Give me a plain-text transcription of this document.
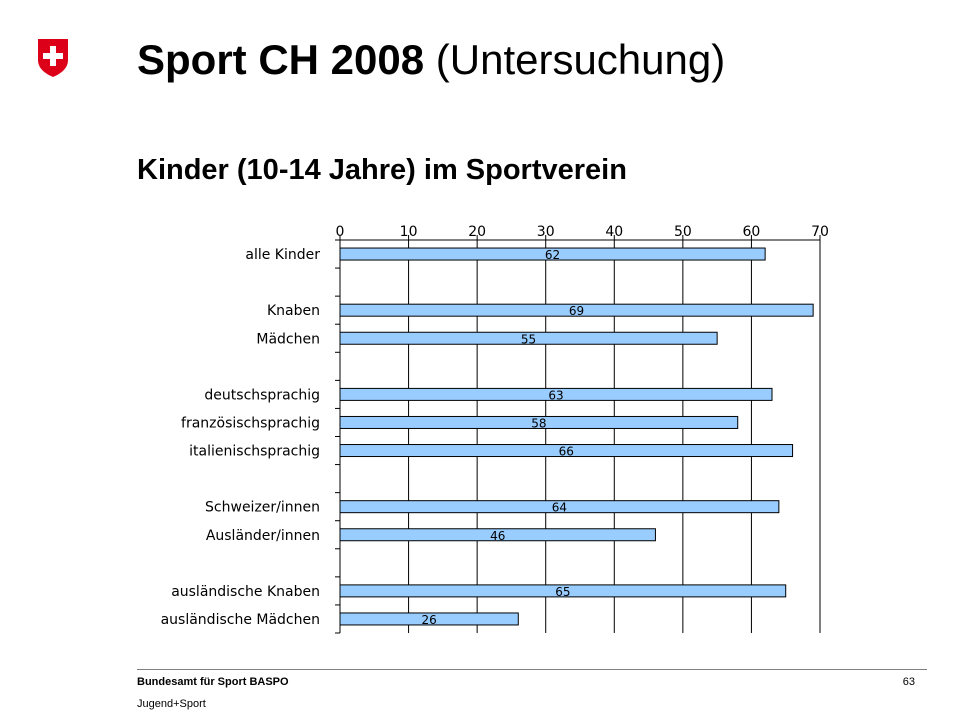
Sport CH 2008 (Untersuchung)
Kinder (10-14 Jahre) im Sportverein
0	10	20	30	40	50	60	70
62
alle Kinder
69
Knaben
55
Mädchen
63
deutschsprachig
58
französischsprachig
66
italienischsprachig
64
Schweizer/innen
46
Ausländer/innen
65
ausländische Knaben
26
ausländische Mädchen
Bundesamt für Sport BASPO
Jugend+Sport
63
